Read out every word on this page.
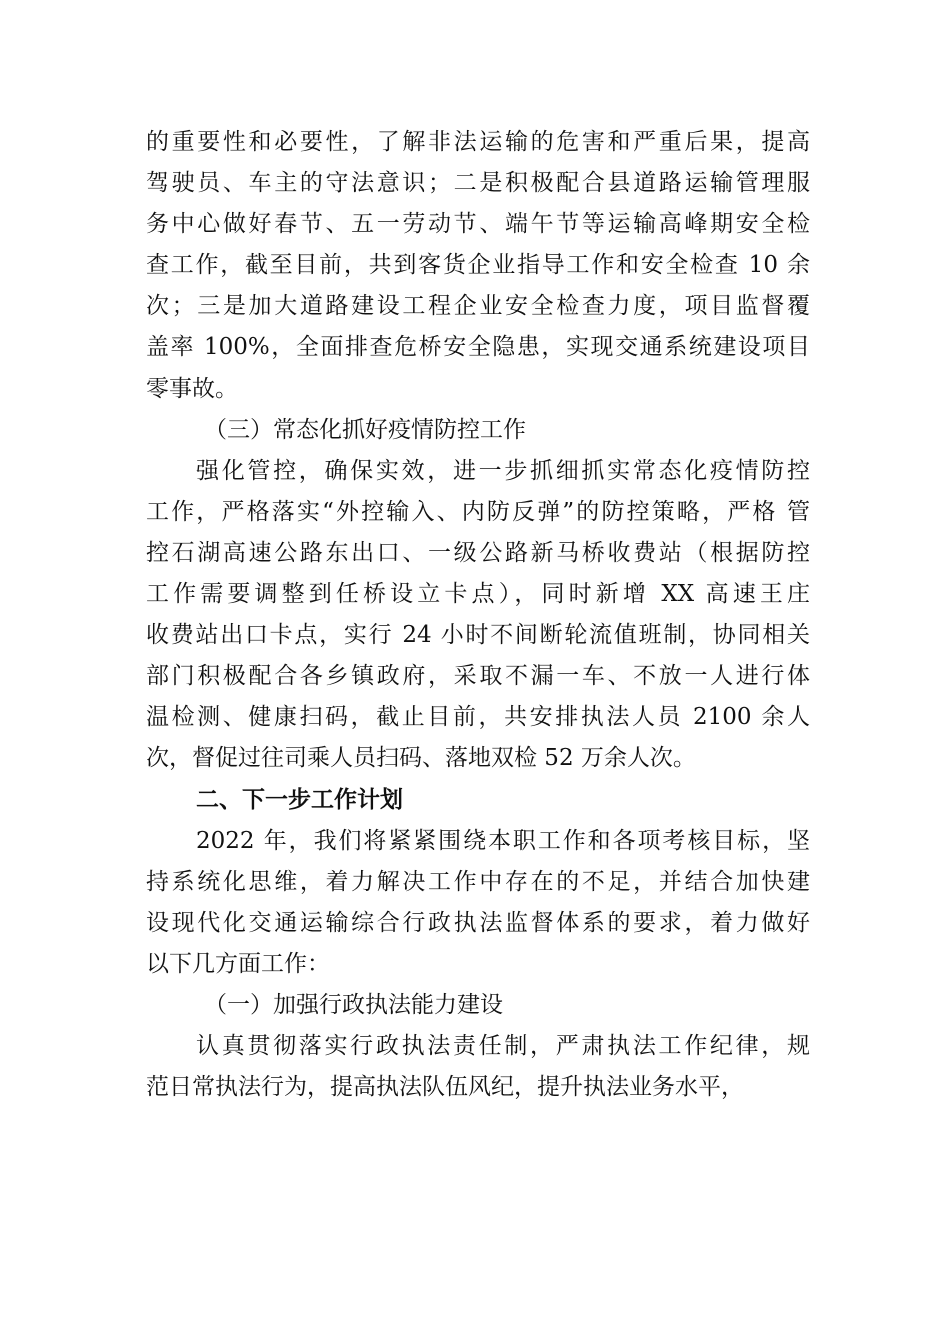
的重要性和必要性，了解非法运输的危害和严重后果，提高
驾驶员、车主的守法意识；二是积极配合县道路运输管理服
务中心做好春节、五一劳动节、端午节等运输高峰期安全检
查工作，截至目前，共到客货企业指导工作和安全检查 10 余
次；三是加大道路建设工程企业安全检查力度，项目监督覆
盖率 100%，全面排查危桥安全隐患，实现交通系统建设项目
零事故。
（三）常态化抓好疫情防控工作
强化管控，确保实效，进一步抓细抓实常态化疫情防控
工作，严格落实“外控输入、内防反弹”的防控策略，严格 管
控石湖高速公路东出口、一级公路新马桥收费站（根据防控
工作需要调整到任桥设立卡点），同时新增 XX 高速王庄
收费站出口卡点，实行 24 小时不间断轮流值班制，协同相关
部门积极配合各乡镇政府，采取不漏一车、不放一人进行体
温检测、健康扫码，截止目前，共安排执法人员 2100 余人
次，督促过往司乘人员扫码、落地双检 52 万余人次。
二、下一步工作计划
2022 年，我们将紧紧围绕本职工作和各项考核目标，坚
持系统化思维，着力解决工作中存在的不足，并结合加快建
设现代化交通运输综合行政执法监督体系的要求，着力做好
以下几方面工作：
（一）加强行政执法能力建设
认真贯彻落实行政执法责任制，严肃执法工作纪律，规
范日常执法行为，提高执法队伍风纪，提升执法业务水平，
